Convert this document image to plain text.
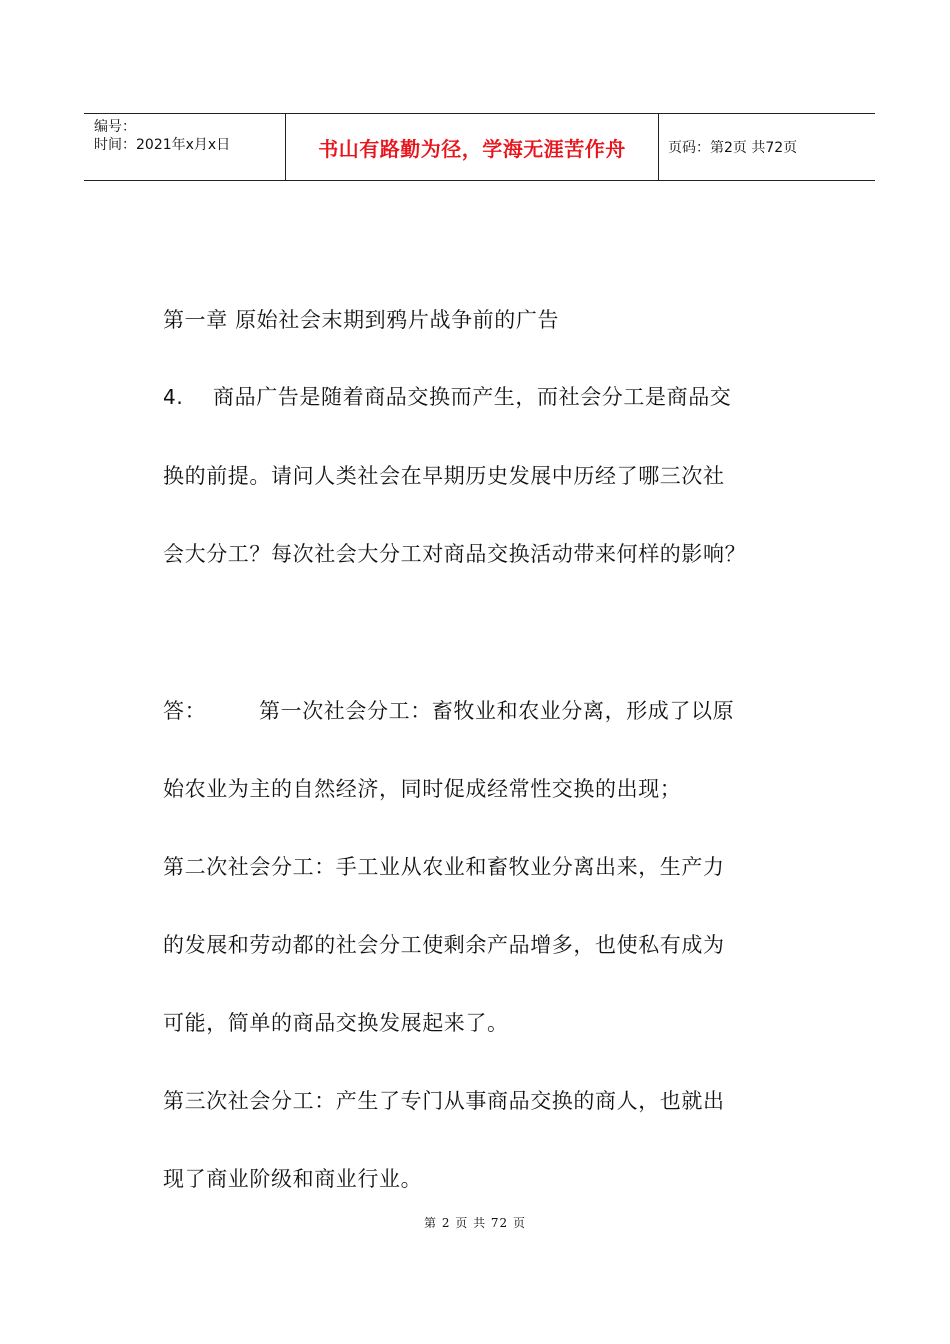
编号：
时间：2021年x月x日	书山有路勤为径，学海无涯苦作舟	页码：第2页 共72页
第一章 原始社会末期到鸦片战争前的广告
4. 商品广告是随着商品交换而产生，而社会分工是商品交
换的前提。请问人类社会在早期历史发展中历经了哪三次社
会大分工？每次社会大分工对商品交换活动带来何样的影响？
答：	第一次社会分工：畜牧业和农业分离，形成了以原
始农业为主的自然经济，同时促成经常性交换的出现；
第二次社会分工：手工业从农业和畜牧业分离出来，生产力
的发展和劳动都的社会分工使剩余产品增多，也使私有成为
可能，简单的商品交换发展起来了。
第三次社会分工：产生了专门从事商品交换的商人，也就出
现了商业阶级和商业行业。
第 2 页 共 72 页
